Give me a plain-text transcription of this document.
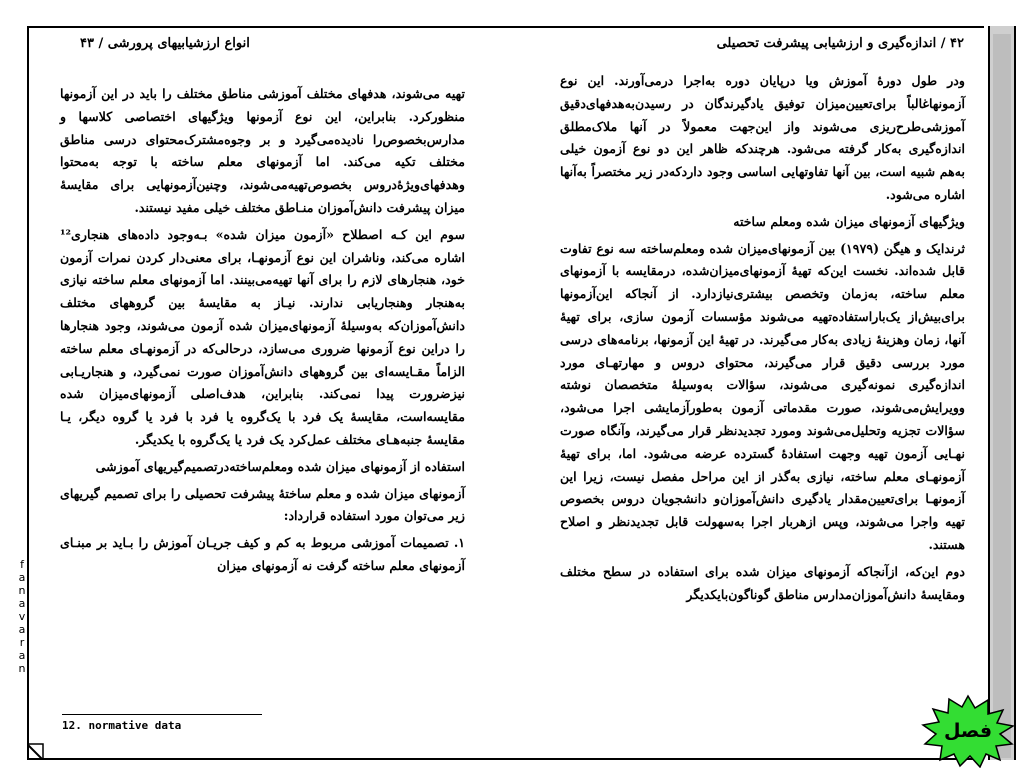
۴۲ / اندازه‌گیری و ارزشیابی پیشرفت تحصیلی
انواع ارزشیابیهای پرورشی / ۴۳
ودر طول دورهٔ آموزش ویا درپایان دوره به‌اجرا درمی‌آورند. این نوع آزمونهاغالباً برای‌تعیین‌میزان توفیق یادگیرندگان در رسیدن‌به‌هدفهای‌دقیق آموزشی‌طرح‌ریزی می‌شوند واز این‌جهت معمولاً در آنها ملاک‌مطلق اندازه‌گیری به‌کار گرفته می‌شود. هرچندکه ظاهر این دو نوع آزمون خیلی به‌هم شبیه است، بین آنها تفاوتهایی اساسی وجود داردکه‌در زیر مختصراً به‌آنها اشاره می‌شود.
ویژگیهای آزمونهای میزان شده ومعلم ساخته
ثرندایک و هیگن (۱۹۷۹) بین آزمونهای‌میزان شده و‌معلم‌ساخته سه نوع تفاوت قابل شده‌اند. نخست این‌که تهیهٔ آزمونهای‌میزان‌شده، درمقایسه با آزمونهای معلم ساخته، به‌زمان وتخصص بیشتری‌نیازدارد. از آنجاکه این‌آزمونها برای‌بیش‌از یک‌باراستفاده‌تهیه می‌شوند مؤسسات آزمون سازی، برای تهیهٔ آنها، زمان وهزینهٔ زیادی به‌کار می‌گیرند. در تهیهٔ این آزمونها، برنامه‌های درسی مورد بررسی دقیق قرار می‌گیرند، محتوای دروس و مهارتهـای مورد اندازه‌گیری نمونه‌گیری می‌شوند، سؤالات به‌وسیلهٔ متخصصان نوشته وویرایش‌می‌شوند، صورت مقدماتی آزمون به‌طورآزمایشی اجرا می‌شود، سؤالات تجزیه وتحلیل‌می‌شوند ومورد تجدیدنظر قرار می‌گیرند، وآنگاه صورت نهـایی آزمون تهیه وجهت استفادهٔ گسترده عرضه می‌شود. اما، برای تهیهٔ آزمونهـای معلم ساخته، نیازی به‌گذر از این مراحل مفصل نیست، زیرا این آزمونهـا برای‌تعیین‌مقدار یادگیری دانش‌آموزان‌و دانشجویان دروس بخصوص تهیه واجرا می‌شوند، وپس ازهربار اجرا به‌سهولت قابل تجدیدنظر و اصلاح هستند.
دوم این‌که، ازآنجاکه آزمونهای میزان شده برای استفاده در سطح مختلف ومقایسهٔ دانش‌آموزان‌مدارس مناطق گوناگون‌بایکدیگر
تهیه می‌شوند، هدفهای مختلف آموزشی مناطق مختلف را باید در این آزمونها منظورکرد. بنابراین، این نوع آزمونها ویژگیهای اختصاصی کلاسها و مدارس‌بخصوص‌را نادیده‌می‌گیرد و بر وجوه‌مشترک‌محتوای درسی مناطق مختلف تکیه می‌کند. اما آزمونهای معلم ساخته با توجه به‌محتوا وهدفهای‌ویژهٔ‌دروس بخصوص‌تهیه‌می‌شوند، وچنین‌آزمونهایی برای مقایسهٔ میزان پیشرفت دانش‌آموزان منـاطق مختلف خیلی مفید نیستند.
سوم این کـه اصطلاح «آزمون میزان شده» بـه‌وجود داده‌های هنجاری¹² اشاره می‌کند، وناشران این نوع آزمونهـا، برای معنی‌دار کردن نمرات آزمون خود، هنجارهای لازم را برای آنها تهیه‌می‌بینند. اما آزمونهای معلم ساخته نیازی به‌هنجار وهنجاریابی ندارند. نیـاز به مقایسهٔ بین گروههای مختلف دانش‌آموزان‌که به‌وسیلهٔ آزمونهای‌میزان شده آزمون می‌شوند، وجود هنجارها را دراین نوع آزمونها ضروری می‌سازد، درحالی‌که در آزمونهـای معلم ساخته الزاماً مقـایسه‌ای بین گروههای دانش‌آموزان صورت نمی‌گیرد، و هنجاریـابی نیزضرورت پیدا نمی‌کند. بنابراین، هدف‌اصلی آزمونهای‌میزان شده مقایسه‌است، مقایسهٔ یک فرد با یک‌گروه یا فرد با فرد یا گروه دیگر، یـا مقایسهٔ جنبه‌هـای مختلف عمل‌کرد یک فرد یا یک‌گروه با یکدیگر.
استفاده از آزمونهای میزان شده ومعلم‌ساخته‌درتصمیم‌گیریهای آموزشی
آزمونهای میزان شده و معلم ساختهٔ پیشرفت تحصیلی را برای تصمیم گیریهای زیر می‌توان مورد استفاده قرارداد:
۱. تصمیمات آموزشی مربوط به کم و کیف جریـان آموزش را بـاید بر مبنـای آزمونهای معلم ساخته گرفت نه آزمونهای میزان
fanavaran
12. normative data	فصل
